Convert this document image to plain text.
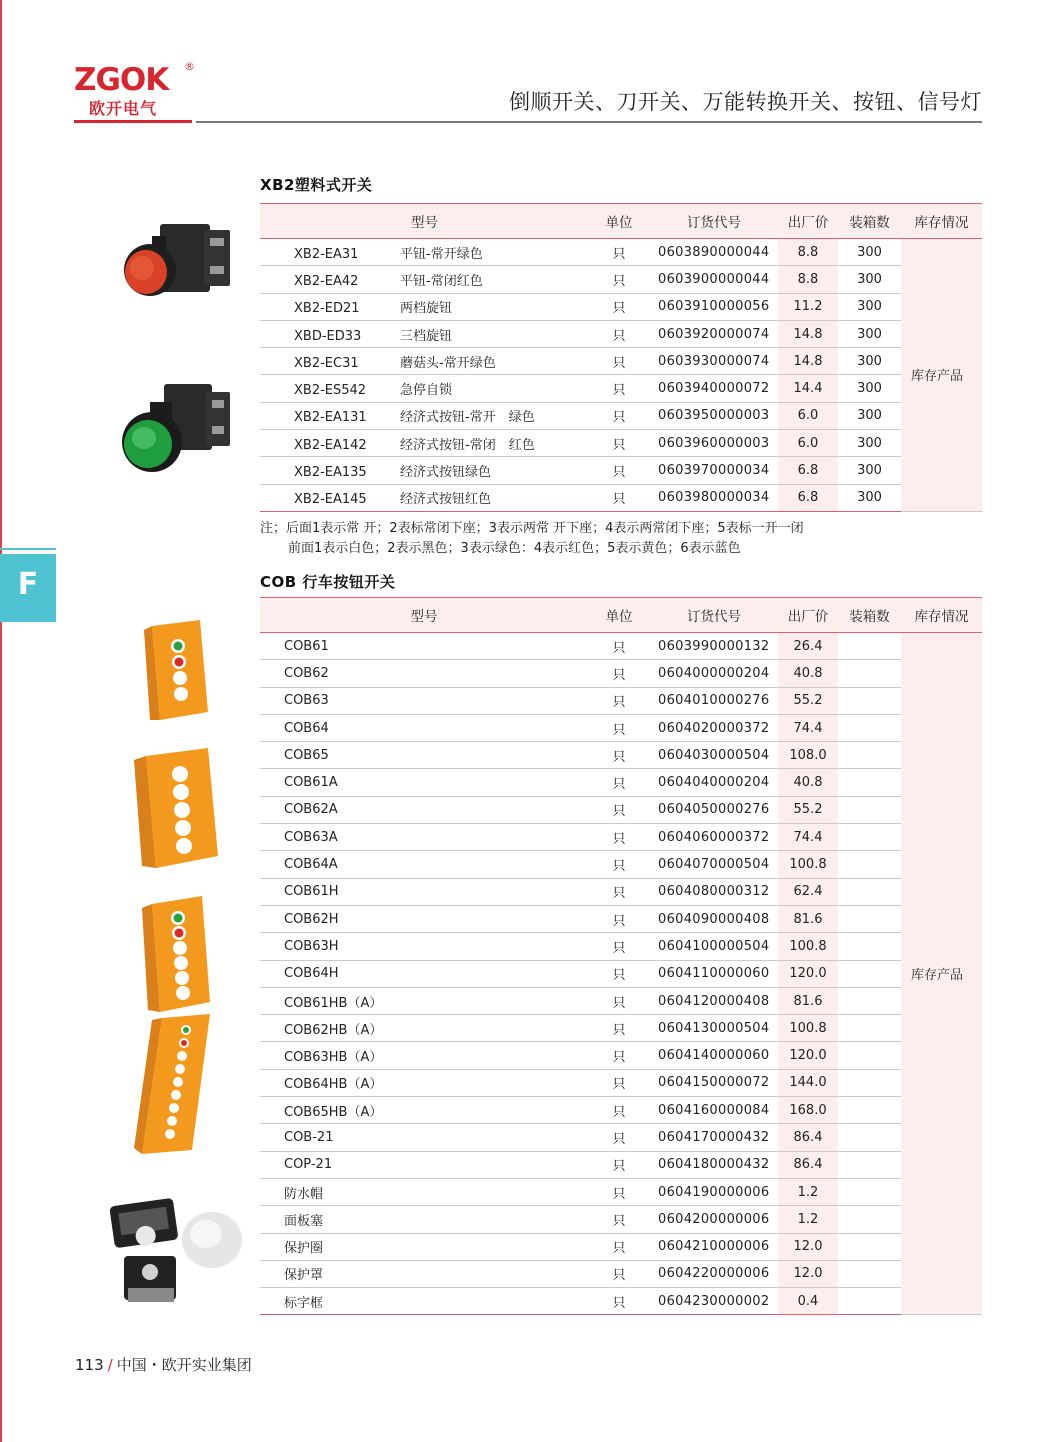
ZGOK ®
欧开电气	倒顺开关、刀开关、万能转换开关、按钮、信号灯
F
XB2塑料式开关
型号	单位	订货代号	出厂价	装箱数	库存情况
XB2-EA31 平钮-常开绿色	只	0603890000044	8.8	300	库存产品
XB2-EA42 平钮-常闭红色	只	0603900000044	8.8	300	
XB2-ED21 两档旋钮	只	0603910000056	11.2	300	
XBD-ED33 三档旋钮	只	0603920000074	14.8	300	
XB2-EC31 蘑菇头-常开绿色	只	0603930000074	14.8	300	
XB2-ES542 急停自锁	只	0603940000072	14.4	300	
XB2-EA131 经济式按钮-常开　绿色	只	0603950000003	6.0	300	
XB2-EA142 经济式按钮-常闭　红色	只	0603960000003	6.0	300	
XB2-EA135 经济式按钮绿色	只	0603970000034	6.8	300	
XB2-EA145 经济式按钮红色	只	0603980000034	6.8	300	
注；后面1表示常 开；2表标常闭下座；3表示两常 开下座；4表示两常闭下座；5表标一开一闭
前面1表示白色；2表示黑色；3表示绿色：4表示红色；5表示黄色；6表示蓝色
COB 行车按钮开关
型号	单位	订货代号	出厂价	装箱数	库存情况
COB61	只	0603990000132	26.4		库存产品
COB62	只	0604000000204	40.8		
COB63	只	0604010000276	55.2		
COB64	只	0604020000372	74.4		
COB65	只	0604030000504	108.0		
COB61A	只	0604040000204	40.8		
COB62A	只	0604050000276	55.2		
COB63A	只	0604060000372	74.4		
COB64A	只	0604070000504	100.8		
COB61H	只	0604080000312	62.4		
COB62H	只	0604090000408	81.6		
COB63H	只	0604100000504	100.8		
COB64H	只	0604110000060	120.0		
COB61HB（A）	只	0604120000408	81.6		
COB62HB（A）	只	0604130000504	100.8		
COB63HB（A）	只	0604140000060	120.0		
COB64HB（A）	只	0604150000072	144.0		
COB65HB（A）	只	0604160000084	168.0		
COB-21	只	0604170000432	86.4		
COP-21	只	0604180000432	86.4		
防水帽	只	0604190000006	1.2		
面板塞	只	0604200000006	1.2		
保护圈	只	0604210000006	12.0		
保护罩	只	0604220000006	12.0		
标字框	只	0604230000002	0.4		
113 / 中国・欧开实业集团
